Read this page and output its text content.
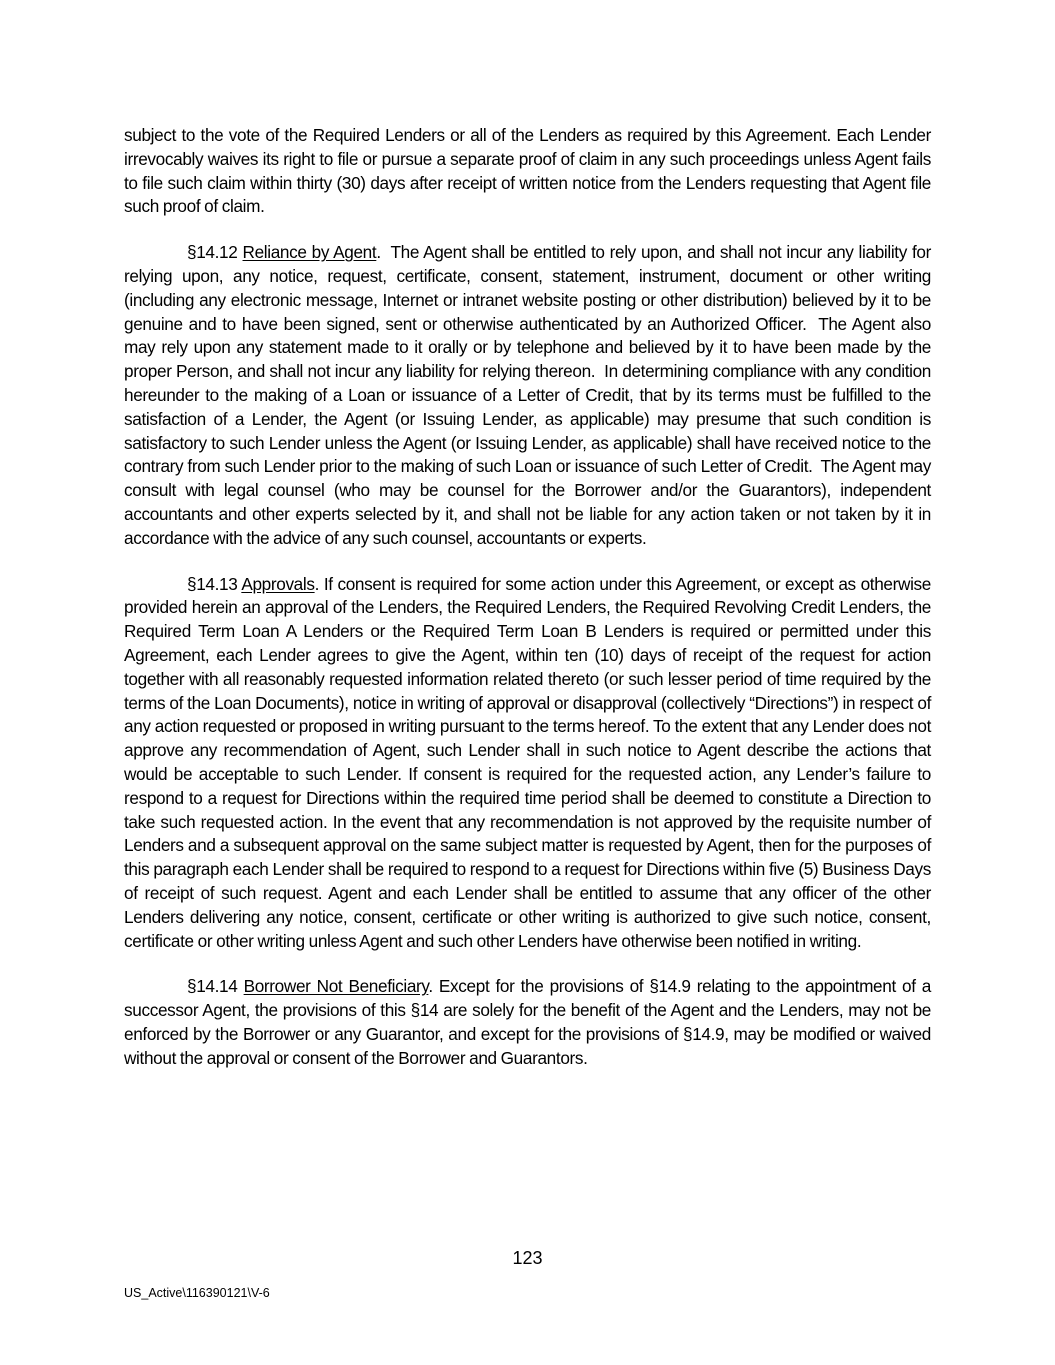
subject to the vote of the Required Lenders or all of the Lenders as required by this Agreement. Each Lender irrevocably waives its right to file or pursue a separate proof of claim in any such proceedings unless Agent fails to file such claim within thirty (30) days after receipt of written notice from the Lenders requesting that Agent file such proof of claim.

§14.12 Reliance by Agent.  The Agent shall be entitled to rely upon, and shall not incur any liability for relying upon, any notice, request, certificate, consent, statement, instrument, document or other writing (including any electronic message, Internet or intranet website posting or other distribution) believed by it to be genuine and to have been signed, sent or otherwise authenticated by an Authorized Officer.  The Agent also may rely upon any statement made to it orally or by telephone and believed by it to have been made by the proper Person, and shall not incur any liability for relying thereon.  In determining compliance with any condition hereunder to the making of a Loan or issuance of a Letter of Credit, that by its terms must be fulfilled to the satisfaction of a Lender, the Agent (or Issuing Lender, as applicable) may presume that such condition is satisfactory to such Lender unless the Agent (or Issuing Lender, as applicable) shall have received notice to the contrary from such Lender prior to the making of such Loan or issuance of such Letter of Credit.  The Agent may consult with legal counsel (who may be counsel for the Borrower and/or the Guarantors), independent accountants and other experts selected by it, and shall not be liable for any action taken or not taken by it in accordance with the advice of any such counsel, accountants or experts.

§14.13 Approvals. If consent is required for some action under this Agreement, or except as otherwise provided herein an approval of the Lenders, the Required Lenders, the Required Revolving Credit Lenders, the Required Term Loan A Lenders or the Required Term Loan B Lenders is required or permitted under this Agreement, each Lender agrees to give the Agent, within ten (10) days of receipt of the request for action together with all reasonably requested information related thereto (or such lesser period of time required by the terms of the Loan Documents), notice in writing of approval or disapproval (collectively “Directions”) in respect of any action requested or proposed in writing pursuant to the terms hereof. To the extent that any Lender does not approve any recommendation of Agent, such Lender shall in such notice to Agent describe the actions that would be acceptable to such Lender. If consent is required for the requested action, any Lender’s failure to respond to a request for Directions within the required time period shall be deemed to constitute a Direction to take such requested action. In the event that any recommendation is not approved by the requisite number of Lenders and a subsequent approval on the same subject matter is requested by Agent, then for the purposes of this paragraph each Lender shall be required to respond to a request for Directions within five (5) Business Days of receipt of such request. Agent and each Lender shall be entitled to assume that any officer of the other Lenders delivering any notice, consent, certificate or other writing is authorized to give such notice, consent, certificate or other writing unless Agent and such other Lenders have otherwise been notified in writing.

§14.14 Borrower Not Beneficiary. Except for the provisions of §14.9 relating to the appointment of a successor Agent, the provisions of this §14 are solely for the benefit of the Agent and the Lenders, may not be enforced by the Borrower or any Guarantor, and except for the provisions of §14.9, may be modified or waived without the approval or consent of the Borrower and Guarantors.

123
US_Active\116390121\V-6
